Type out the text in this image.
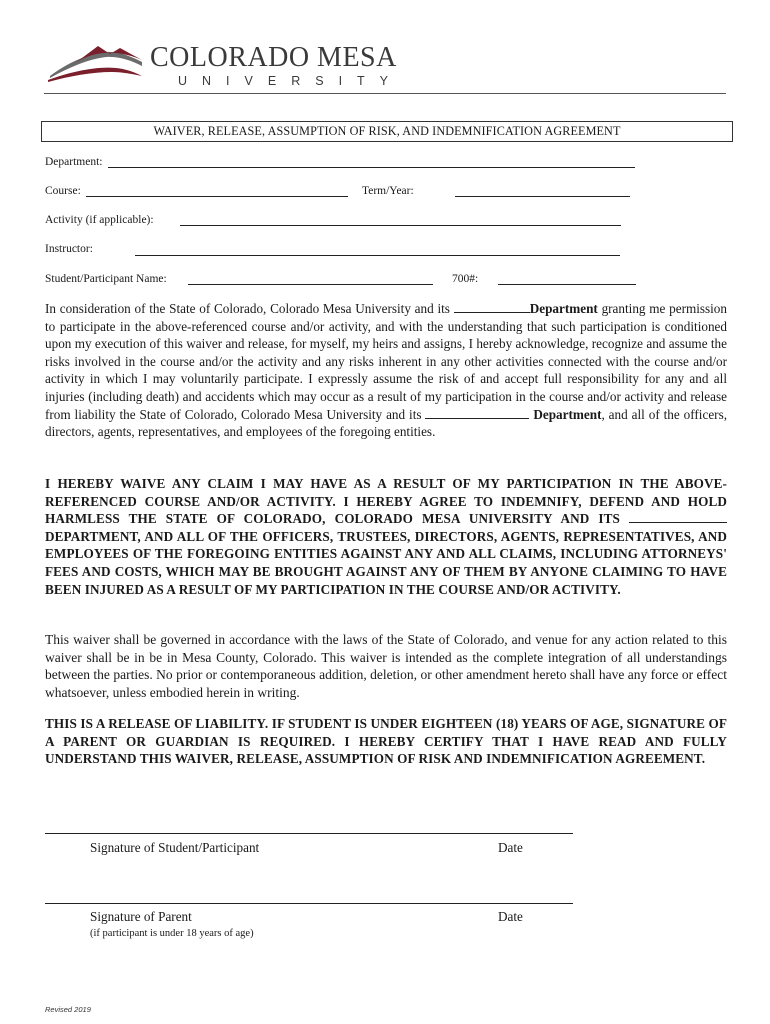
COLORADO MESA
UNIVERSITY
WAIVER, RELEASE, ASSUMPTION OF RISK, AND INDEMNIFICATION AGREEMENT
Department:
Course:	Term/Year:
Activity (if applicable):
Instructor:
Student/Participant Name:	700#:
In consideration of the State of Colorado, Colorado Mesa University and its	Department granting me permission to participate in the above-referenced course and/or activity, and with the understanding that such participation is conditioned upon my execution of this waiver and release, for myself, my heirs and assigns, I hereby acknowledge, recognize and assume the risks involved in the course and/or the activity and any risks inherent in any other activities connected with the course and/or activity in which I may voluntarily participate. I expressly assume the risk of and accept full responsibility for any and all injuries (including death) and accidents which may occur as a result of my participation in the course and/or activity and release from liability the State of Colorado, Colorado Mesa University and its	Department, and all of the officers, directors, agents, representatives, and employees of the foregoing entities.
I HEREBY WAIVE ANY CLAIM I MAY HAVE AS A RESULT OF MY PARTICIPATION IN THE ABOVE-REFERENCED COURSE AND/OR ACTIVITY. I HEREBY AGREE TO INDEMNIFY, DEFEND AND HOLD HARMLESS THE STATE OF COLORADO, COLORADO MESA UNIVERSITY AND ITS DEPARTMENT, AND ALL OF THE OFFICERS, TRUSTEES, DIRECTORS, AGENTS, REPRESENTATIVES, AND EMPLOYEES OF THE FOREGOING ENTITIES AGAINST ANY AND ALL CLAIMS, INCLUDING ATTORNEYS' FEES AND COSTS, WHICH MAY BE BROUGHT AGAINST ANY OF THEM BY ANYONE CLAIMING TO HAVE BEEN INJURED AS A RESULT OF MY PARTICIPATION IN THE COURSE AND/OR ACTIVITY.
This waiver shall be governed in accordance with the laws of the State of Colorado, and venue for any action related to this waiver shall be in be in Mesa County, Colorado. This waiver is intended as the complete integration of all understandings between the parties. No prior or contemporaneous addition, deletion, or other amendment hereto shall have any force or effect whatsoever, unless embodied herein in writing.
THIS IS A RELEASE OF LIABILITY. IF STUDENT IS UNDER EIGHTEEN (18) YEARS OF AGE, SIGNATURE OF A PARENT OR GUARDIAN IS REQUIRED. I HEREBY CERTIFY THAT I HAVE READ AND FULLY UNDERSTAND THIS WAIVER, RELEASE, ASSUMPTION OF RISK AND INDEMNIFICATION AGREEMENT.
Signature of Student/Participant	Date
Signature of Parent	Date
(if participant is under 18 years of age)
Revised 2019
